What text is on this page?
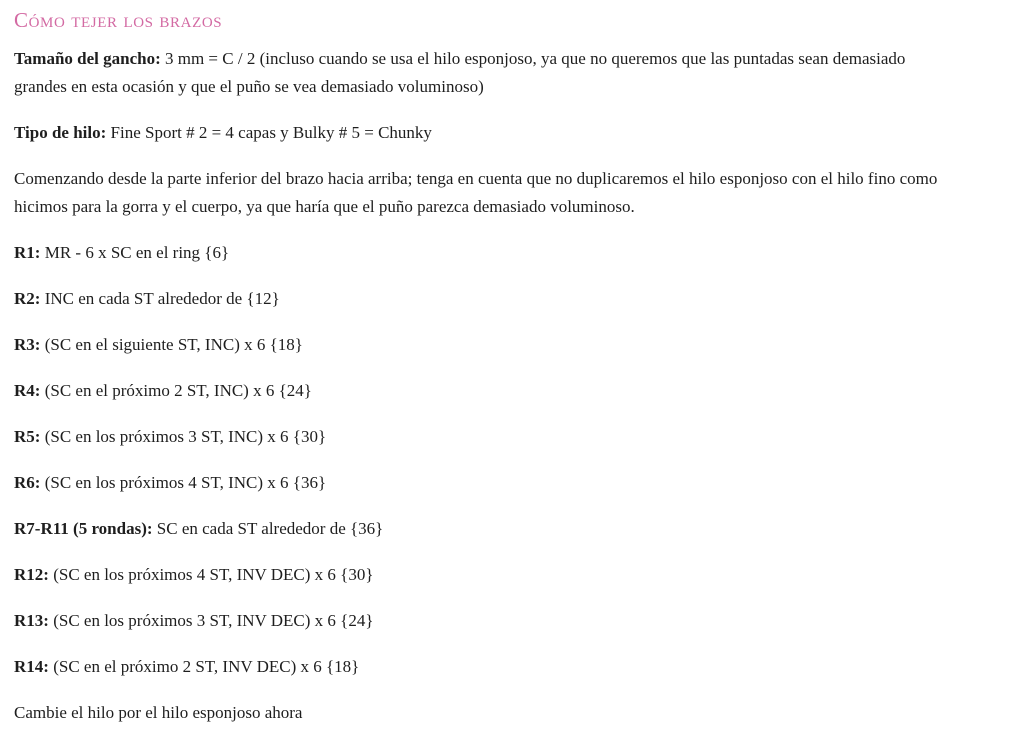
Cómo tejer los brazos

Tamaño del gancho: 3 mm = C / 2 (incluso cuando se usa el hilo esponjoso, ya que no queremos que las puntadas sean demasiado grandes en esta ocasión y que el puño se vea demasiado voluminoso)

Tipo de hilo: Fine Sport # 2 = 4 capas y Bulky # 5 = Chunky

Comenzando desde la parte inferior del brazo hacia arriba; tenga en cuenta que no duplicaremos el hilo esponjoso con el hilo fino como hicimos para la gorra y el cuerpo, ya que haría que el puño parezca demasiado voluminoso.

R1: MR - 6 x SC en el ring {6}

R2: INC en cada ST alrededor de {12}

R3: (SC en el siguiente ST, INC) x 6 {18}

R4: (SC en el próximo 2 ST, INC) x 6 {24}

R5: (SC en los próximos 3 ST, INC) x 6 {30}

R6: (SC en los próximos 4 ST, INC) x 6 {36}

R7-R11 (5 rondas): SC en cada ST alrededor de {36}

R12: (SC en los próximos 4 ST, INV DEC) x 6 {30}

R13: (SC en los próximos 3 ST, INV DEC) x 6 {24}

R14: (SC en el próximo 2 ST, INV DEC) x 6 {18}

Cambie el hilo por el hilo esponjoso ahora
